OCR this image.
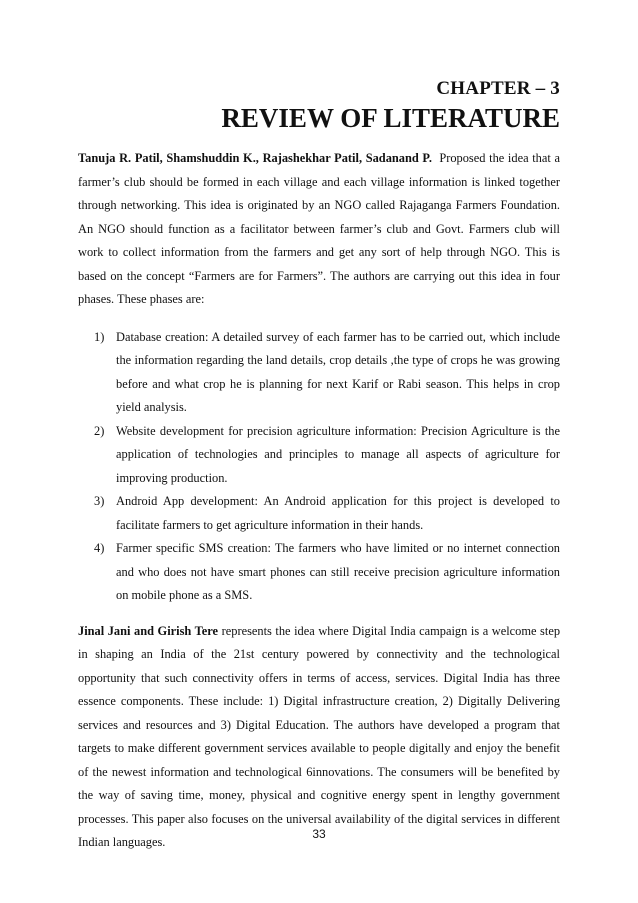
CHAPTER – 3
REVIEW OF LITERATURE

Tanuja R. Patil, Shamshuddin K., Rajashekhar Patil, Sadanand P. Proposed the idea that a farmer’s club should be formed in each village and each village information is linked together through networking. This idea is originated by an NGO called Rajaganga Farmers Foundation. An NGO should function as a facilitator between farmer’s club and Govt. Farmers club will work to collect information from the farmers and get any sort of help through NGO. This is based on the concept “Farmers are for Farmers”. The authors are carrying out this idea in four phases. These phases are:

1) Database creation: A detailed survey of each farmer has to be carried out, which include the information regarding the land details, crop details ,the type of crops he was growing before and what crop he is planning for next Karif or Rabi season. This helps in crop yield analysis.
2) Website development for precision agriculture information: Precision Agriculture is the application of technologies and principles to manage all aspects of agriculture for improving production.
3) Android App development: An Android application for this project is developed to facilitate farmers to get agriculture information in their hands.
4) Farmer specific SMS creation: The farmers who have limited or no internet connection and who does not have smart phones can still receive precision agriculture information on mobile phone as a SMS.

Jinal Jani and Girish Tere represents the idea where Digital India campaign is a welcome step in shaping an India of the 21st century powered by connectivity and the technological opportunity that such connectivity offers in terms of access, services. Digital India has three essence components. These include: 1) Digital infrastructure creation, 2) Digitally Delivering services and resources and 3) Digital Education. The authors have developed a program that targets to make different government services available to people digitally and enjoy the benefit of the newest information and technological 6innovations. The consumers will be benefited by the way of saving time, money, physical and cognitive energy spent in lengthy government processes. This paper also focuses on the universal availability of the digital services in different Indian languages.

33
